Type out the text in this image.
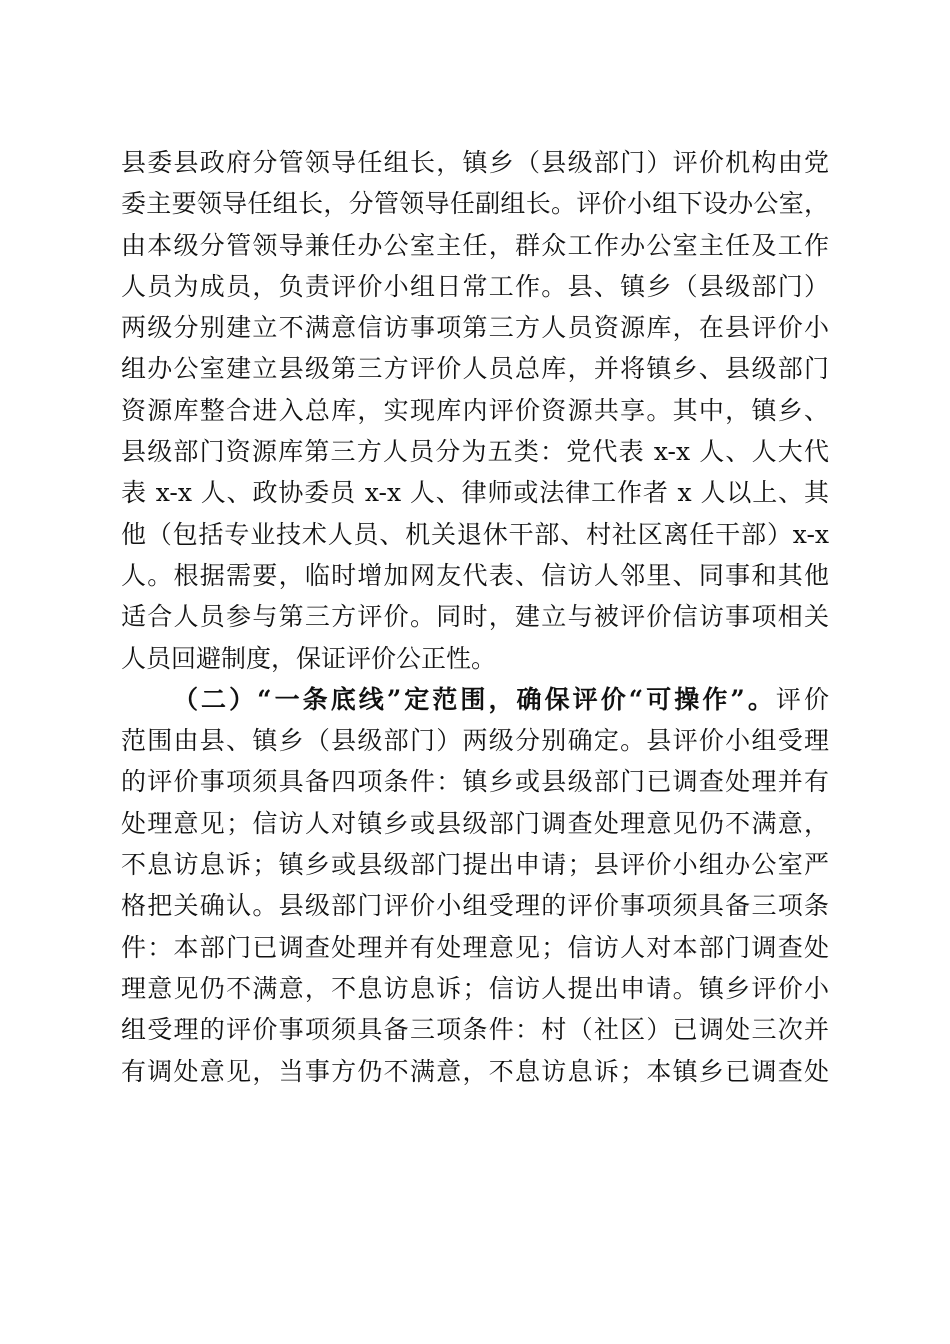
县委县政府分管领导任组长，镇乡（县级部门）评价机构由党
委主要领导任组长，分管领导任副组长。评价小组下设办公室，
由本级分管领导兼任办公室主任，群众工作办公室主任及工作
人员为成员，负责评价小组日常工作。县、镇乡（县级部门）
两级分别建立不满意信访事项第三方人员资源库，在县评价小
组办公室建立县级第三方评价人员总库，并将镇乡、县级部门
资源库整合进入总库，实现库内评价资源共享。其中，镇乡、
县级部门资源库第三方人员分为五类：党代表 x-x 人、人大代
表 x-x 人、政协委员 x-x 人、律师或法律工作者 x 人以上、其
他（包括专业技术人员、机关退休干部、村社区离任干部）x-x
人。根据需要，临时增加网友代表、信访人邻里、同事和其他
适合人员参与第三方评价。同时，建立与被评价信访事项相关
人员回避制度，保证评价公正性。
（二）“一条底线”定范围，确保评价“可操作”。评价
范围由县、镇乡（县级部门）两级分别确定。县评价小组受理
的评价事项须具备四项条件：镇乡或县级部门已调查处理并有
处理意见；信访人对镇乡或县级部门调查处理意见仍不满意，
不息访息诉；镇乡或县级部门提出申请；县评价小组办公室严
格把关确认。县级部门评价小组受理的评价事项须具备三项条
件：本部门已调查处理并有处理意见；信访人对本部门调查处
理意见仍不满意，不息访息诉；信访人提出申请。镇乡评价小
组受理的评价事项须具备三项条件：村（社区）已调处三次并
有调处意见，当事方仍不满意，不息访息诉；本镇乡已调查处
